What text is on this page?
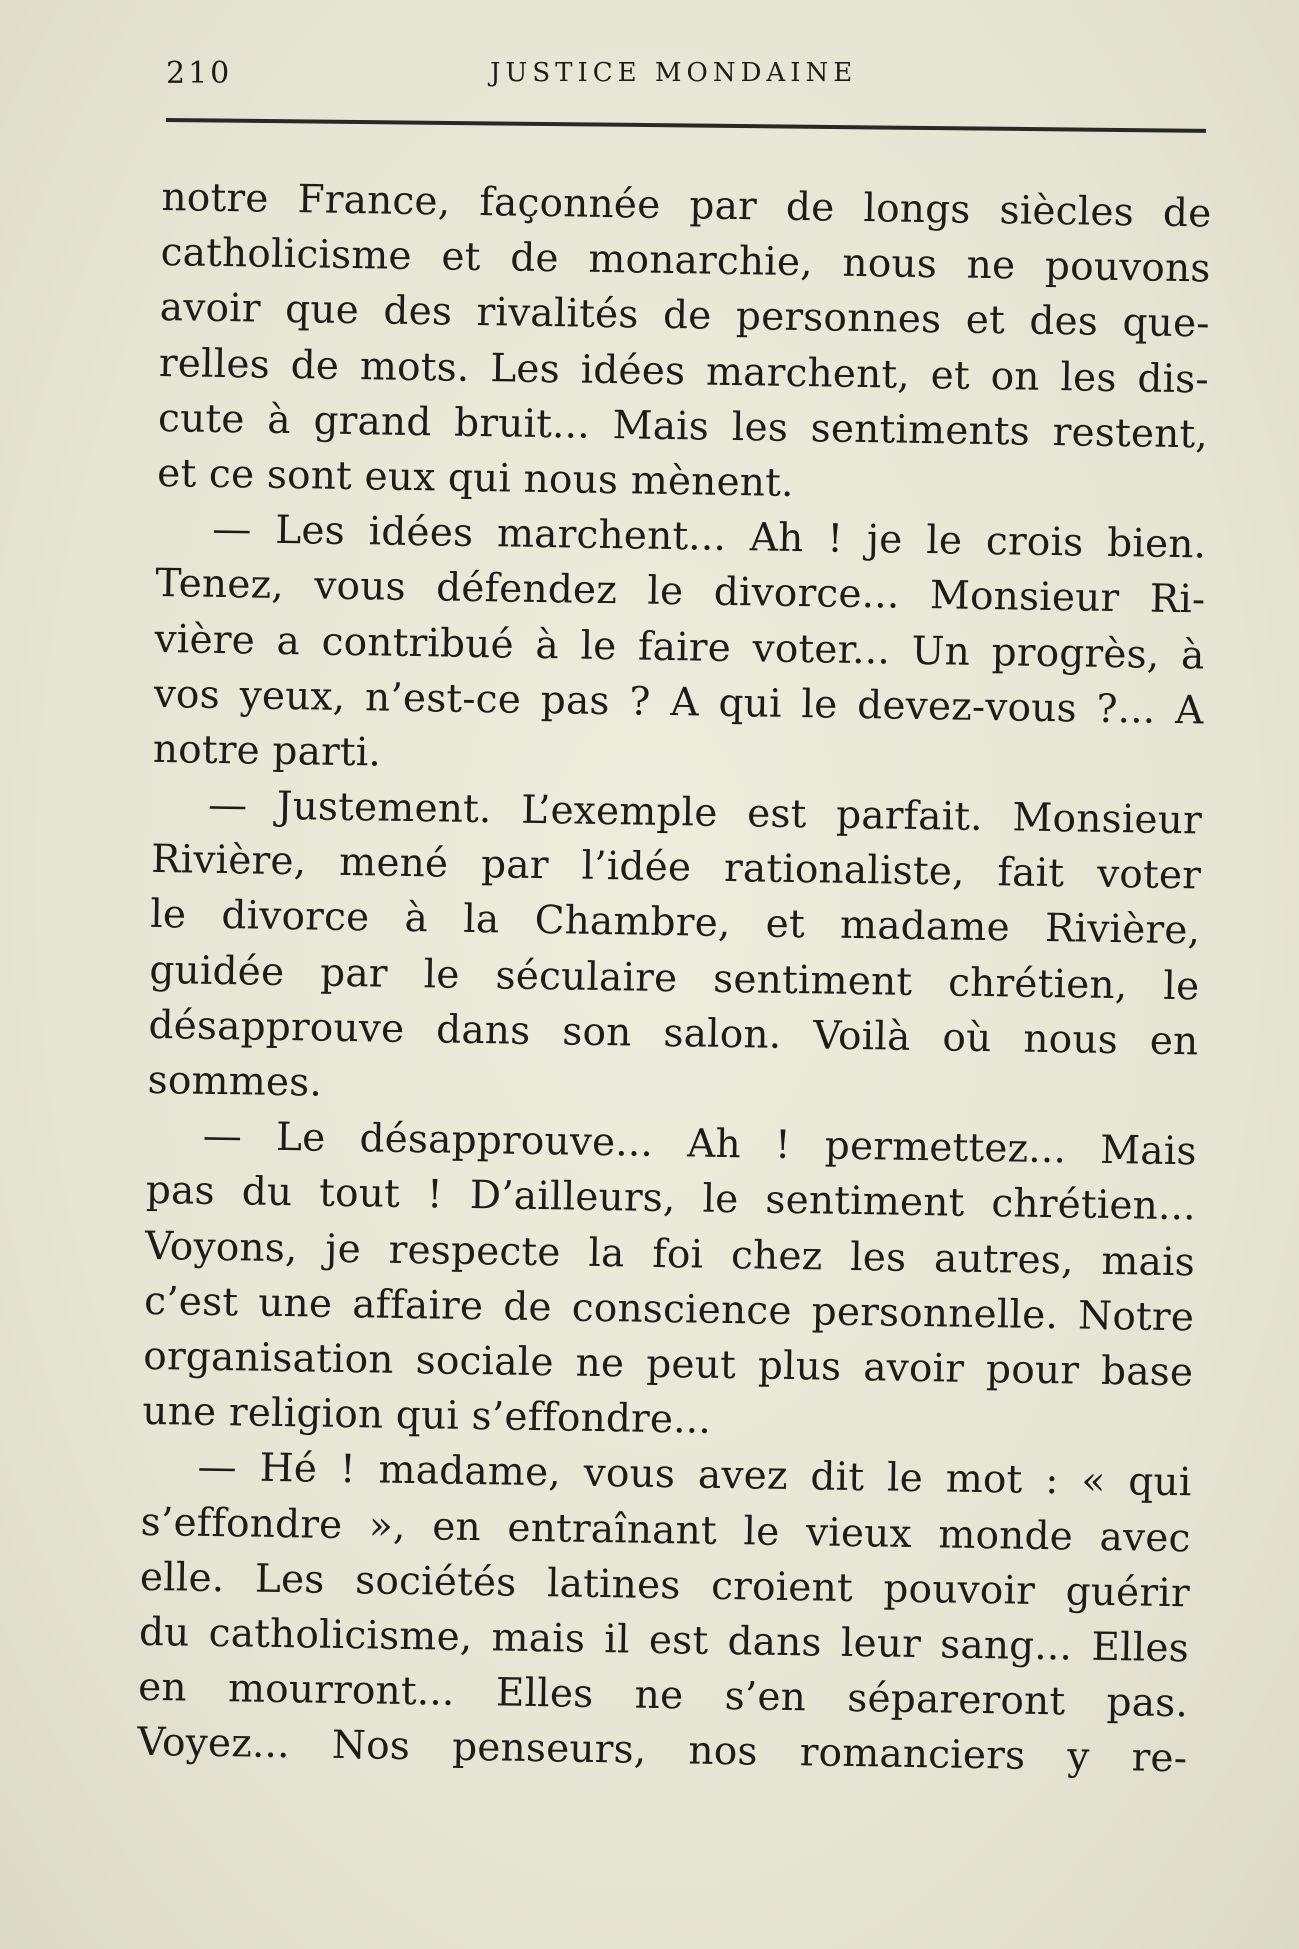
210	JUSTICE MONDAINE
notre France, façonnée par de longs siècles de
catholicisme et de monarchie, nous ne pouvons
avoir que des rivalités de personnes et des que-
relles de mots. Les idées marchent, et on les dis-
cute à grand bruit... Mais les sentiments restent,
et ce sont eux qui nous mènent.
— Les idées marchent... Ah ! je le crois bien.
Tenez, vous défendez le divorce... Monsieur Ri-
vière a contribué à le faire voter... Un progrès, à
vos yeux, n’est-ce pas ? A qui le devez-vous ?... A
notre parti.
— Justement. L’exemple est parfait. Monsieur
Rivière, mené par l’idée rationaliste, fait voter
le divorce à la Chambre, et madame Rivière,
guidée par le séculaire sentiment chrétien, le
désapprouve dans son salon. Voilà où nous en
sommes.
— Le désapprouve... Ah ! permettez... Mais
pas du tout ! D’ailleurs, le sentiment chrétien...
Voyons, je respecte la foi chez les autres, mais
c’est une affaire de conscience personnelle. Notre
organisation sociale ne peut plus avoir pour base
une religion qui s’effondre...
— Hé ! madame, vous avez dit le mot : « qui
s’effondre », en entraînant le vieux monde avec
elle. Les sociétés latines croient pouvoir guérir
du catholicisme, mais il est dans leur sang... Elles
en mourront... Elles ne s’en sépareront pas.
Voyez... Nos penseurs, nos romanciers y re-
